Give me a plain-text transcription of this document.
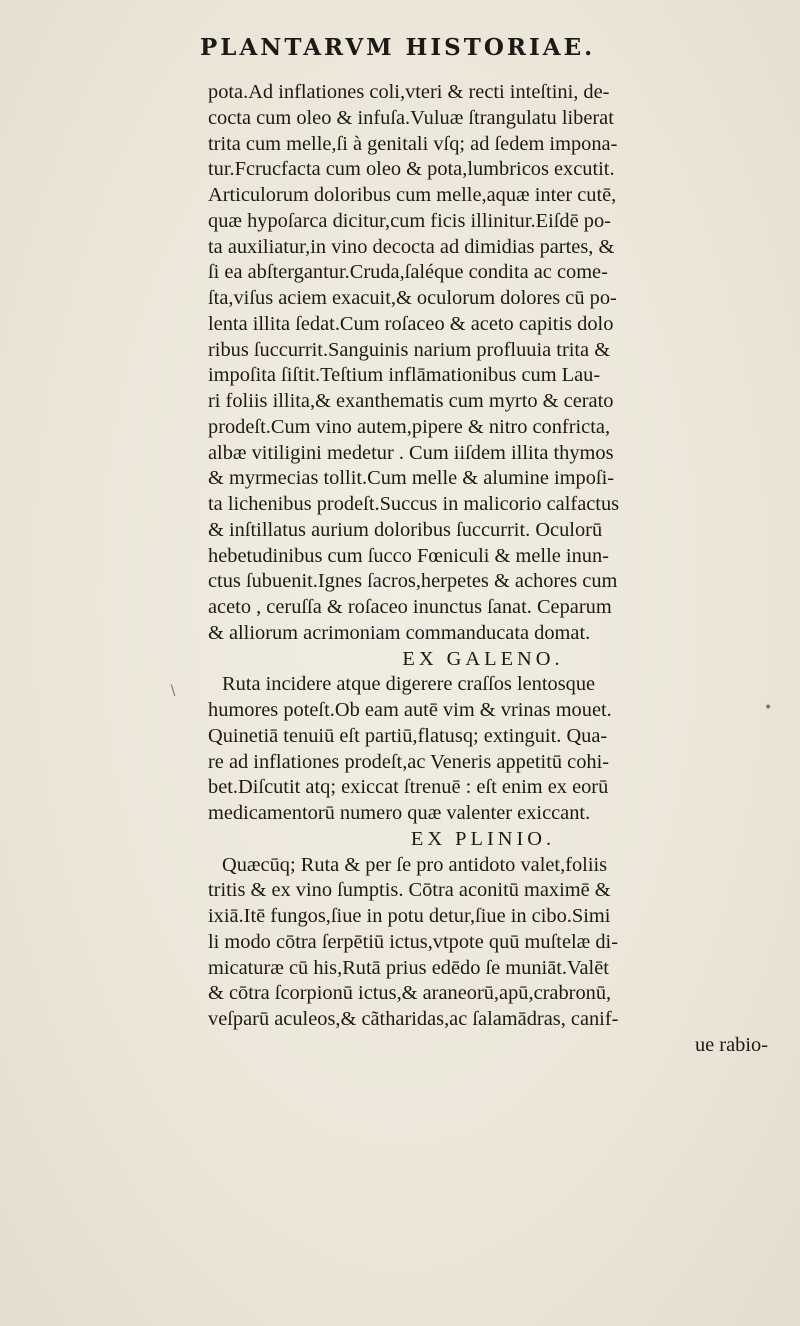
PLANTARVM HISTORIAE.
pota.Ad inflationes coli,vteri & recti inteſtini, de-
cocta cum oleo & infuſa.Vuluæ ſtrangulatu liberat
trita cum melle,ſi à genitali vſq; ad ſedem impona-
tur.Fcrucfacta cum oleo & pota,lumbricos excutit.
Articulorum doloribus cum melle,aquæ inter cutē,
quæ hypoſarca dicitur,cum ficis illinitur.Eiſdē po-
ta auxiliatur,in vino decocta ad dimidias partes, &
ſi ea abſtergantur.Cruda,ſaléque condita ac come-
ſta,viſus aciem exacuit,& oculorum dolores cū po-
lenta illita ſedat.Cum roſaceo & aceto capitis dolo
ribus ſuccurrit.Sanguinis narium profluuia trita &
impoſita ſiſtit.Teſtium inflāmationibus cum Lau-
ri foliis illita,& exanthematis cum myrto & cerato
prodeſt.Cum vino autem,pipere & nitro confricta,
albæ vitiligini medetur . Cum iiſdem illita thymos
& myrmecias tollit.Cum melle & alumine impoſi-
ta lichenibus prodeſt.Succus in malicorio calfactus
& inſtillatus aurium doloribus ſuccurrit. Oculorū
hebetudinibus cum ſucco Fœniculi & melle inun-
ctus ſubuenit.Ignes ſacros,herpetes & achores cum
aceto , ceruſſa & roſaceo inunctus ſanat. Ceparum
& alliorum acrimoniam commanducata domat.
EX GALENO.
Ruta incidere atque digerere craſſos lentosque
humores poteſt.Ob eam autē vim & vrinas mouet.
Quinetiā tenuiū eſt partiū,flatusq; extinguit. Qua-
re ad inflationes prodeſt,ac Veneris appetitū cohi-
bet.Diſcutit atq; exiccat ſtrenuē : eſt enim ex eorū
medicamentorū numero quæ valenter exiccant.
EX PLINIO.
Quæcūq; Ruta & per ſe pro antidoto valet,foliis
tritis & ex vino ſumptis. Cōtra aconitū maximē &
ixiā.Itē fungos,ſiue in potu detur,ſiue in cibo.Simi
li modo cōtra ſerpētiū ictus,vtpote quū muſtelæ di-
micaturæ cū his,Rutā prius edēdo ſe muniāt.Valēt
& cōtra ſcorpionū ictus,& araneorū,apū,crabronū,
veſparū aculeos,& cãtharidas,ac ſalamādras, canif-
ue rabio-
∖
•
